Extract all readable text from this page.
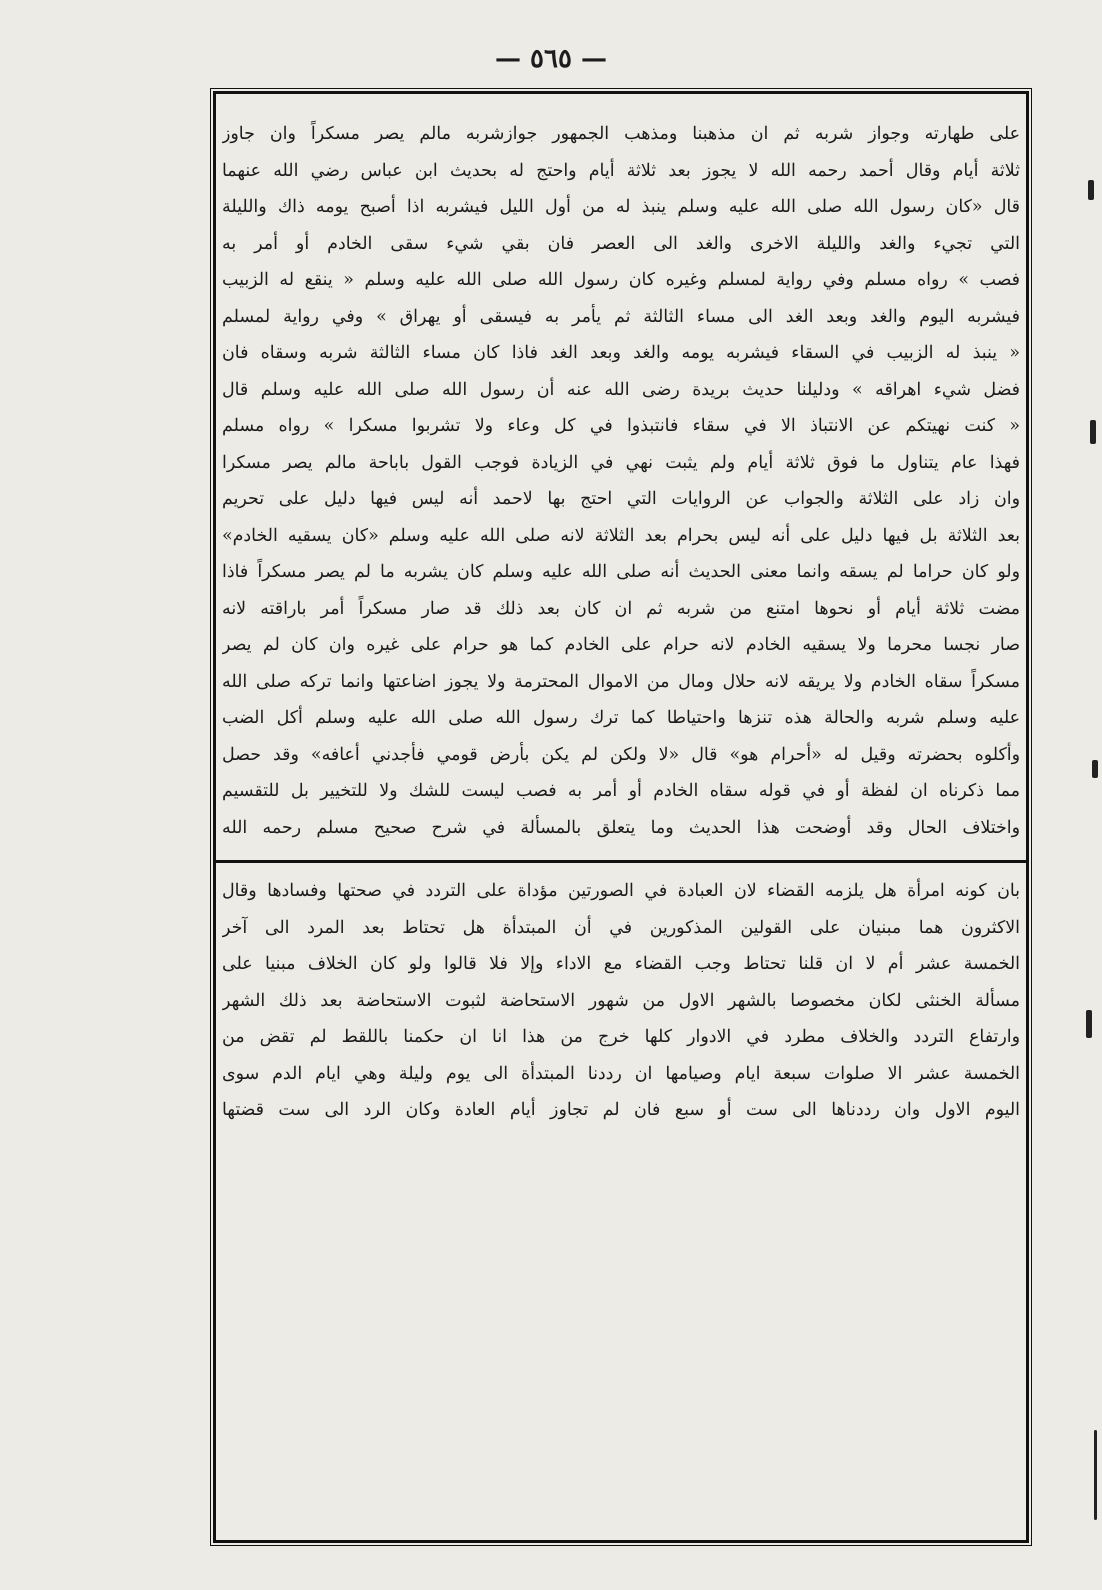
— ٥٦٥ —
على طهارته وجواز شربه ثم ان مذهبنا ومذهب الجمهور جوازشربه مالم يصر مسكراً وان جاوز
ثلاثة أيام وقال أحمد رحمه الله لا يجوز بعد ثلاثة أيام واحتج له بحديث ابن عباس رضي الله عنهما
قال «كان رسول الله صلى الله عليه وسلم ينبذ له من أول الليل فيشربه اذا أصبح يومه ذاك والليلة
التي تجيء والغد والليلة الاخرى والغد الى العصر فان بقي شيء سقى الخادم أو أمر به
فصب » رواه مسلم وفي رواية لمسلم وغيره كان رسول الله صلى الله عليه وسلم « ينقع له الزبيب
فيشربه اليوم والغد وبعد الغد الى مساء الثالثة ثم يأمر به فيسقى أو يهراق » وفي رواية لمسلم
« ينبذ له الزبيب في السقاء فيشربه يومه والغد وبعد الغد فاذا كان مساء الثالثة شربه وسقاه فان
فضل شيء اهراقه » ودليلنا حديث بريدة رضى الله عنه أن رسول الله صلى الله عليه وسلم قال
« كنت نهيتكم عن الانتباذ الا في سقاء فانتبذوا في كل وعاء ولا تشربوا مسكرا » رواه مسلم
فهذا عام يتناول ما فوق ثلاثة أيام ولم يثبت نهي في الزيادة فوجب القول باباحة مالم يصر مسكرا
وان زاد على الثلاثة والجواب عن الروايات التي احتج بها لاحمد أنه ليس فيها دليل على تحريم
بعد الثلاثة بل فيها دليل على أنه ليس بحرام بعد الثلاثة لانه صلى الله عليه وسلم «كان يسقيه الخادم»
ولو كان حراما لم يسقه وانما معنى الحديث أنه صلى الله عليه وسلم كان يشربه ما لم يصر مسكراً فاذا
مضت ثلاثة أيام أو نحوها امتنع من شربه ثم ان كان بعد ذلك قد صار مسكراً أمر باراقته لانه
صار نجسا محرما ولا يسقيه الخادم لانه حرام على الخادم كما هو حرام على غيره وان كان لم يصر
مسكراً سقاه الخادم ولا يريقه لانه حلال ومال من الاموال المحترمة ولا يجوز اضاعتها وانما تركه صلى الله
عليه وسلم شربه والحالة هذه تنزها واحتياطا كما ترك رسول الله صلى الله عليه وسلم أكل الضب
وأكلوه بحضرته وقيل له «أحرام هو» قال «لا ولكن لم يكن بأرض قومي فأجدني أعافه» وقد حصل
مما ذكرناه ان لفظة أو في قوله سقاه الخادم أو أمر به فصب ليست للشك ولا للتخيير بل للتقسيم
واختلاف الحال وقد أوضحت هذا الحديث وما يتعلق بالمسألة في شرح صحيح مسلم رحمه الله
بان كونه امرأة هل يلزمه القضاء لان العبادة في الصورتين مؤداة على التردد في صحتها وفسادها وقال
الاكثرون هما مبنيان على القولين المذكورين في أن المبتدأة هل تحتاط بعد المرد الى آخر
الخمسة عشر أم لا ان قلنا تحتاط وجب القضاء مع الاداء وإلا فلا قالوا ولو كان الخلاف مبنيا على
مسألة الخنثى لكان مخصوصا بالشهر الاول من شهور الاستحاضة لثبوت الاستحاضة بعد ذلك الشهر
وارتفاع التردد والخلاف مطرد في الادوار كلها خرج من هذا انا ان حكمنا باللقط لم تقض من
الخمسة عشر الا صلوات سبعة ايام وصيامها ان رددنا المبتدأة الى يوم وليلة وهي ايام الدم سوى
اليوم الاول وان رددناها الى ست أو سبع فان لم تجاوز أيام العادة وكان الرد الى ست قضتها
